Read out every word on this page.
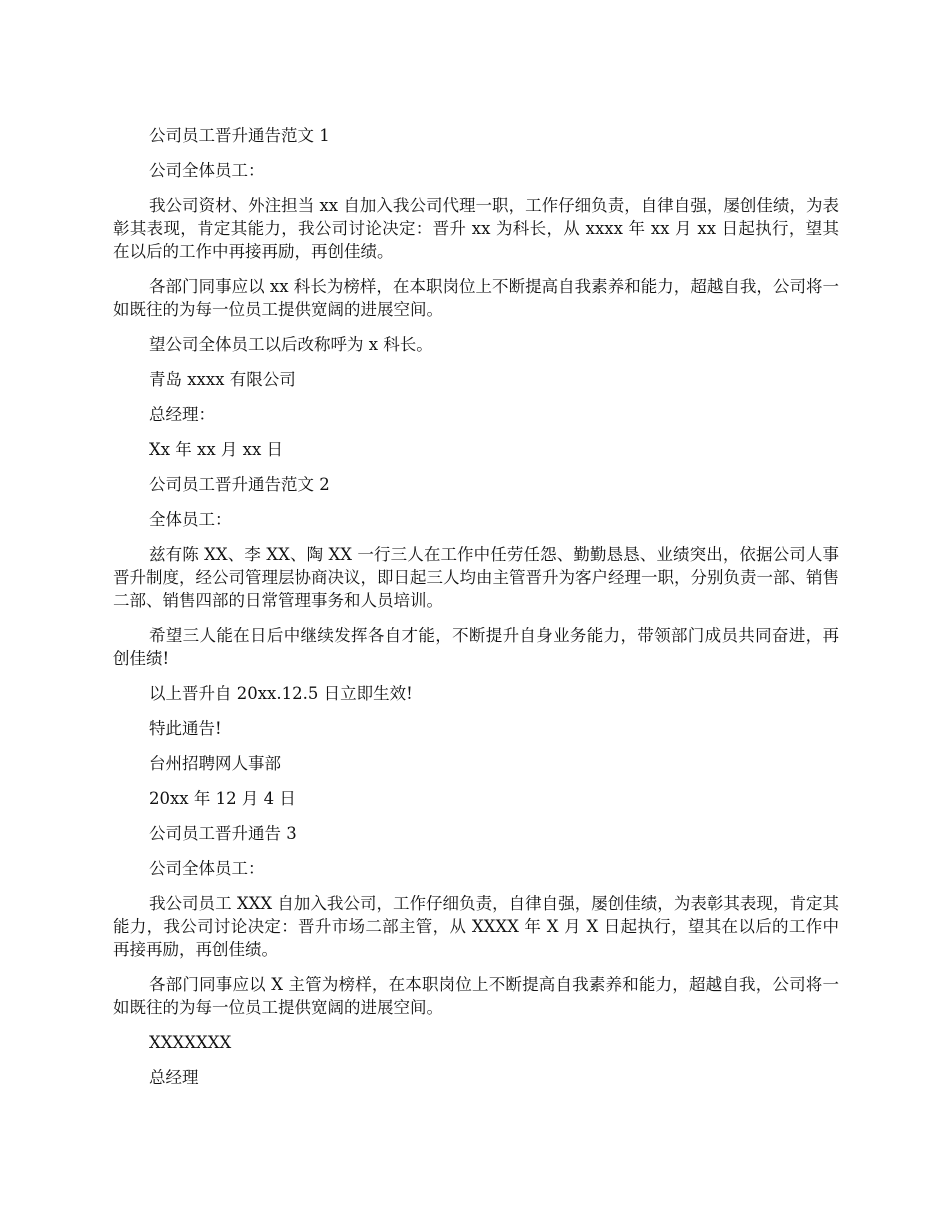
公司员工晋升通告范文 1

公司全体员工：

我公司资材、外注担当 xx 自加入我公司代理一职，工作仔细负责，自律自强，屡创佳绩，为表彰其表现，肯定其能力，我公司讨论决定：晋升 xx 为科长，从 xxxx 年 xx 月 xx 日起执行，望其在以后的工作中再接再励，再创佳绩。

各部门同事应以 xx 科长为榜样，在本职岗位上不断提高自我素养和能力，超越自我，公司将一如既往的为每一位员工提供宽阔的进展空间。

望公司全体员工以后改称呼为 x 科长。

青岛 xxxx 有限公司

总经理：

Xx 年 xx 月 xx 日

公司员工晋升通告范文 2

全体员工：

兹有陈 XX、李 XX、陶 XX 一行三人在工作中任劳任怨、勤勤恳恳、业绩突出，依据公司人事晋升制度，经公司管理层协商决议，即日起三人均由主管晋升为客户经理一职，分别负责一部、销售二部、销售四部的日常管理事务和人员培训。

希望三人能在日后中继续发挥各自才能，不断提升自身业务能力，带领部门成员共同奋进，再创佳绩!

以上晋升自 20xx.12.5 日立即生效!

特此通告!

台州招聘网人事部

20xx 年 12 月 4 日

公司员工晋升通告 3

公司全体员工：

我公司员工 XXX 自加入我公司，工作仔细负责，自律自强，屡创佳绩，为表彰其表现，肯定其能力，我公司讨论决定：晋升市场二部主管，从 XXXX 年 X 月 X 日起执行，望其在以后的工作中再接再励，再创佳绩。

各部门同事应以 X 主管为榜样，在本职岗位上不断提高自我素养和能力，超越自我，公司将一如既往的为每一位员工提供宽阔的进展空间。

XXXXXXX

总经理
